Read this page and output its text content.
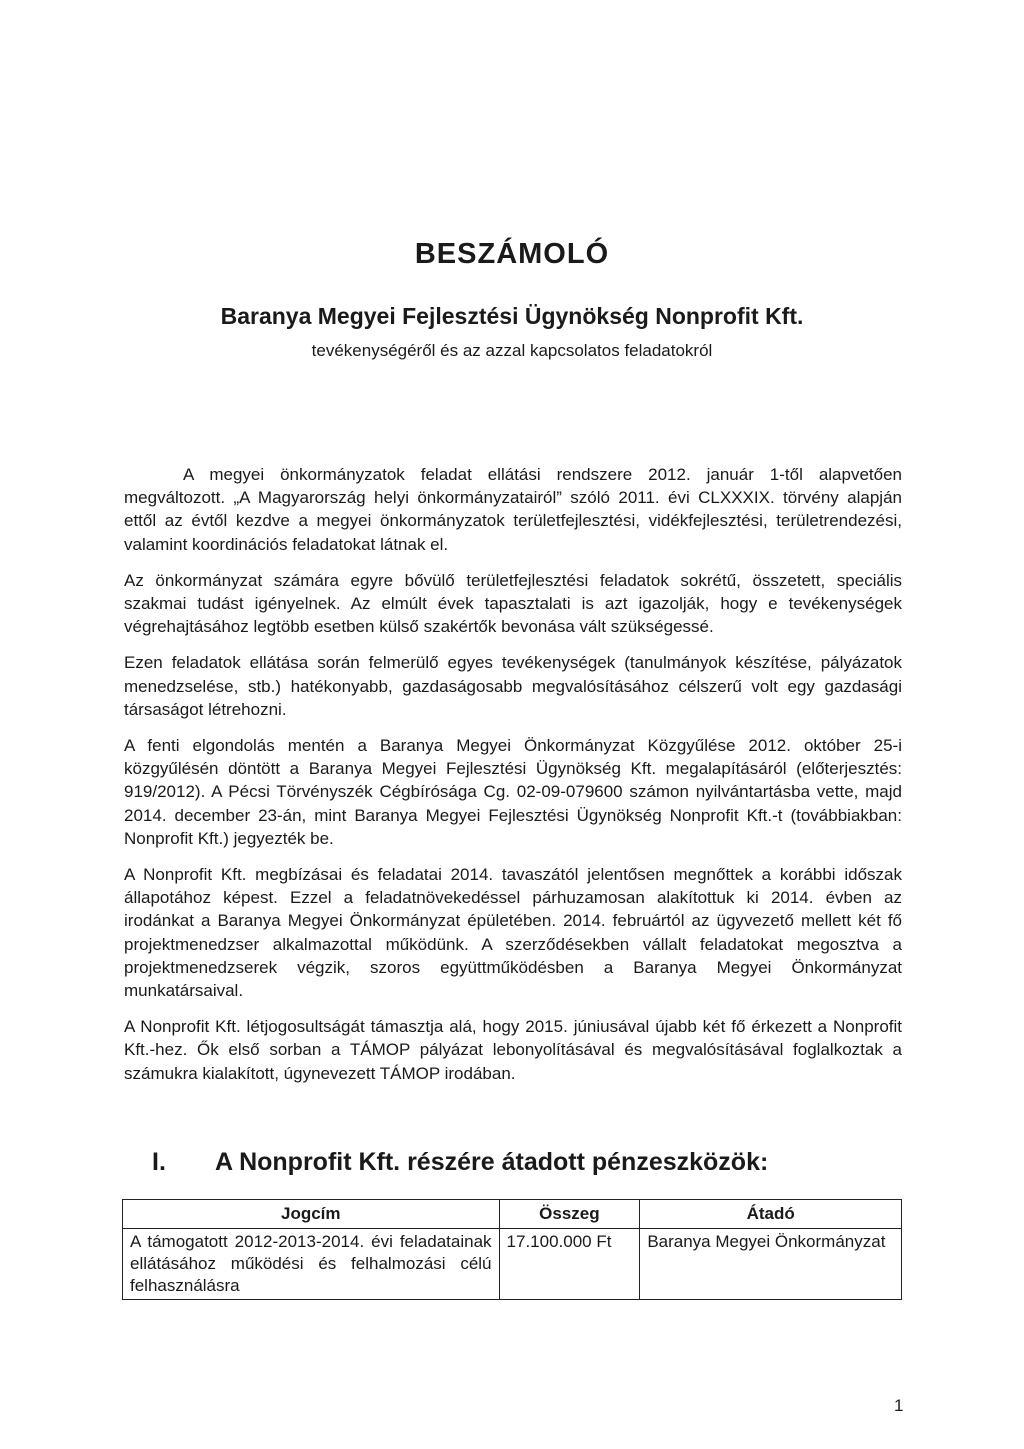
BESZÁMOLÓ
Baranya Megyei Fejlesztési Ügynökség Nonprofit Kft.

tevékenységéről és az azzal kapcsolatos feladatokról

A megyei önkormányzatok feladat ellátási rendszere 2012. január 1-től alapvetően megváltozott. „A Magyarország helyi önkormányzatairól” szóló 2011. évi CLXXXIX. törvény alapján ettől az évtől kezdve a megyei önkormányzatok területfejlesztési, vidékfejlesztési, területrendezési, valamint koordinációs feladatokat látnak el.

Az önkormányzat számára egyre bővülő területfejlesztési feladatok sokrétű, összetett, speciális szakmai tudást igényelnek. Az elmúlt évek tapasztalati is azt igazolják, hogy e tevékenységek végrehajtásához legtöbb esetben külső szakértők bevonása vált szükségessé.

Ezen feladatok ellátása során felmerülő egyes tevékenységek (tanulmányok készítése, pályázatok menedzselése, stb.) hatékonyabb, gazdaságosabb megvalósításához célszerű volt egy gazdasági társaságot létrehozni.

A fenti elgondolás mentén a Baranya Megyei Önkormányzat Közgyűlése 2012. október 25-i közgyűlésén döntött a Baranya Megyei Fejlesztési Ügynökség Kft. megalapításáról (előterjesztés: 919/2012). A Pécsi Törvényszék Cégbírósága Cg. 02-09-079600 számon nyilvántartásba vette, majd 2014. december 23-án, mint Baranya Megyei Fejlesztési Ügynökség Nonprofit Kft.-t (továbbiakban: Nonprofit Kft.) jegyezték be.

A Nonprofit Kft. megbízásai és feladatai 2014. tavaszától jelentősen megnőttek a korábbi időszak állapotához képest. Ezzel a feladatnövekedéssel párhuzamosan alakítottuk ki 2014. évben az irodánkat a Baranya Megyei Önkormányzat épületében. 2014. februártól az ügyvezető mellett két fő projektmenedzser alkalmazottal működünk. A szerződésekben vállalt feladatokat megosztva a projektmenedzserek végzik, szoros együttműködésben a Baranya Megyei Önkormányzat munkatársaival.

A Nonprofit Kft. létjogosultságát támasztja alá, hogy 2015. júniusával újabb két fő érkezett a Nonprofit Kft.-hez. Ők első sorban a TÁMOP pályázat lebonyolításával és megvalósításával foglalkoztak a számukra kialakított, úgynevezett TÁMOP irodában.

I. A Nonprofit Kft. részére átadott pénzeszközök:
Jogcím	Összeg	Átadó
A támogatott 2012-2013-2014. évi feladatainak ellátásához működési és felhalmozási célú felhasználásra	17.100.000 Ft	Baranya Megyei Önkormányzat

1
